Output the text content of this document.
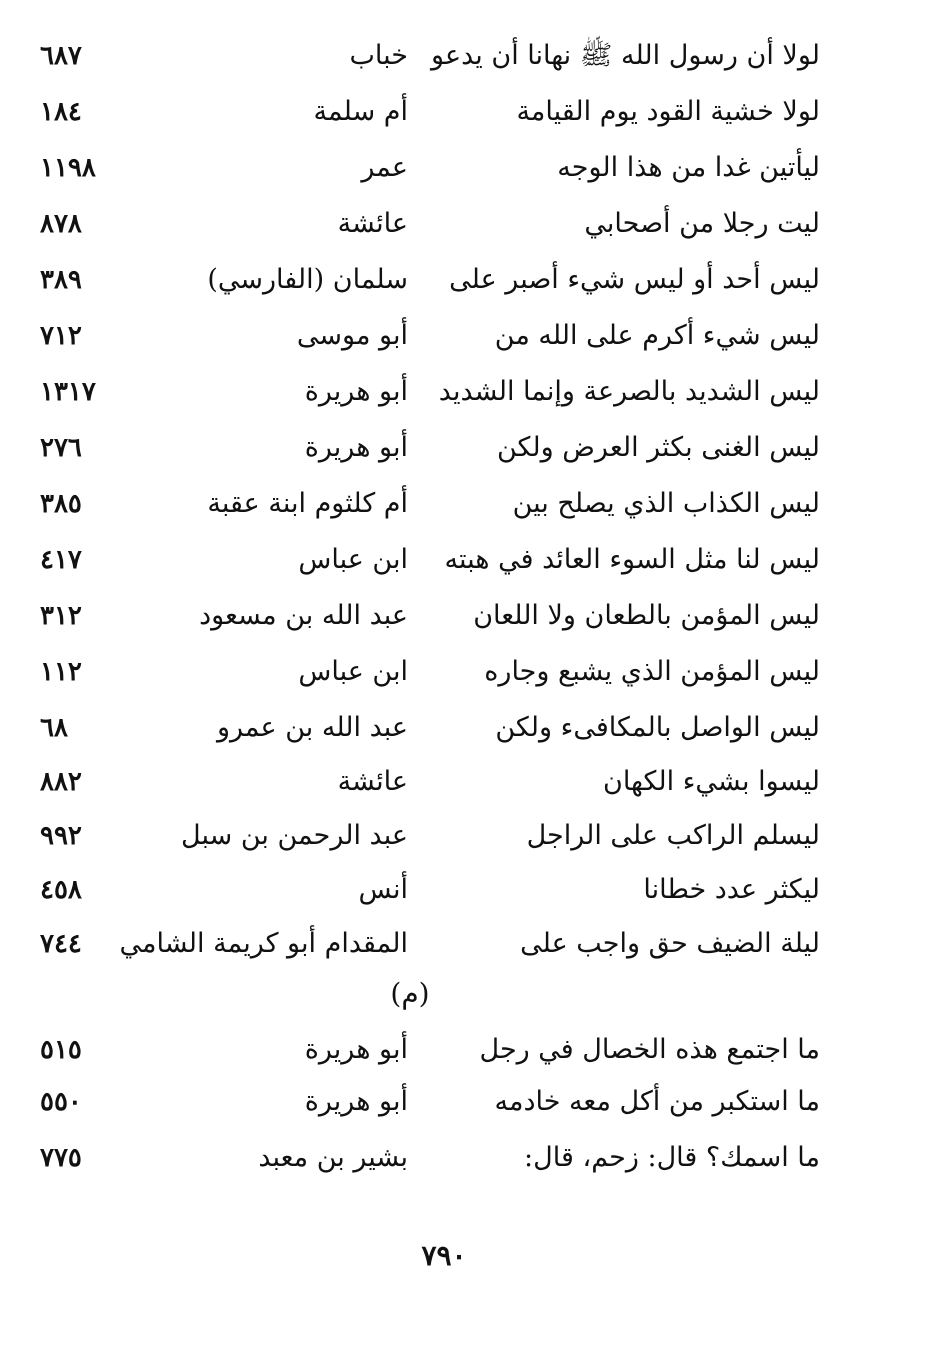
لولا أن رسول الله ﷺ نهانا أن يدعو
خباب
٦٨٧
لولا خشية القود يوم القيامة
أم سلمة
١٨٤
ليأتين غدا من هذا الوجه
عمر
١١٩٨
ليت رجلا من أصحابي
عائشة
٨٧٨
ليس أحد أو ليس شيء أصبر على
سلمان (الفارسي)
٣٨٩
ليس شيء أكرم على الله من
أبو موسى
٧١٢
ليس الشديد بالصرعة وإنما الشديد
أبو هريرة
١٣١٧
ليس الغنى بكثر العرض ولكن
أبو هريرة
٢٧٦
ليس الكذاب الذي يصلح بين
أم كلثوم ابنة عقبة
٣٨٥
ليس لنا مثل السوء العائد في هبته
ابن عباس
٤١٧
ليس المؤمن بالطعان ولا اللعان
عبد الله بن مسعود
٣١٢
ليس المؤمن الذي يشبع وجاره
ابن عباس
١١٢
ليس الواصل بالمكافىء ولكن
عبد الله بن عمرو
٦٨
ليسوا بشيء الكهان
عائشة
٨٨٢
ليسلم الراكب على الراجل
عبد الرحمن بن سبل
٩٩٢
ليكثر عدد خطانا
أنس
٤٥٨
ليلة الضيف حق واجب على
المقدام أبو كريمة الشامي
٧٤٤
(م)
ما اجتمع هذه الخصال في رجل
أبو هريرة
٥١٥
ما استكبر من أكل معه خادمه
أبو هريرة
٥٥٠
ما اسمك؟ قال: زحم، قال:
بشير بن معبد
٧٧٥
٧٩٠
